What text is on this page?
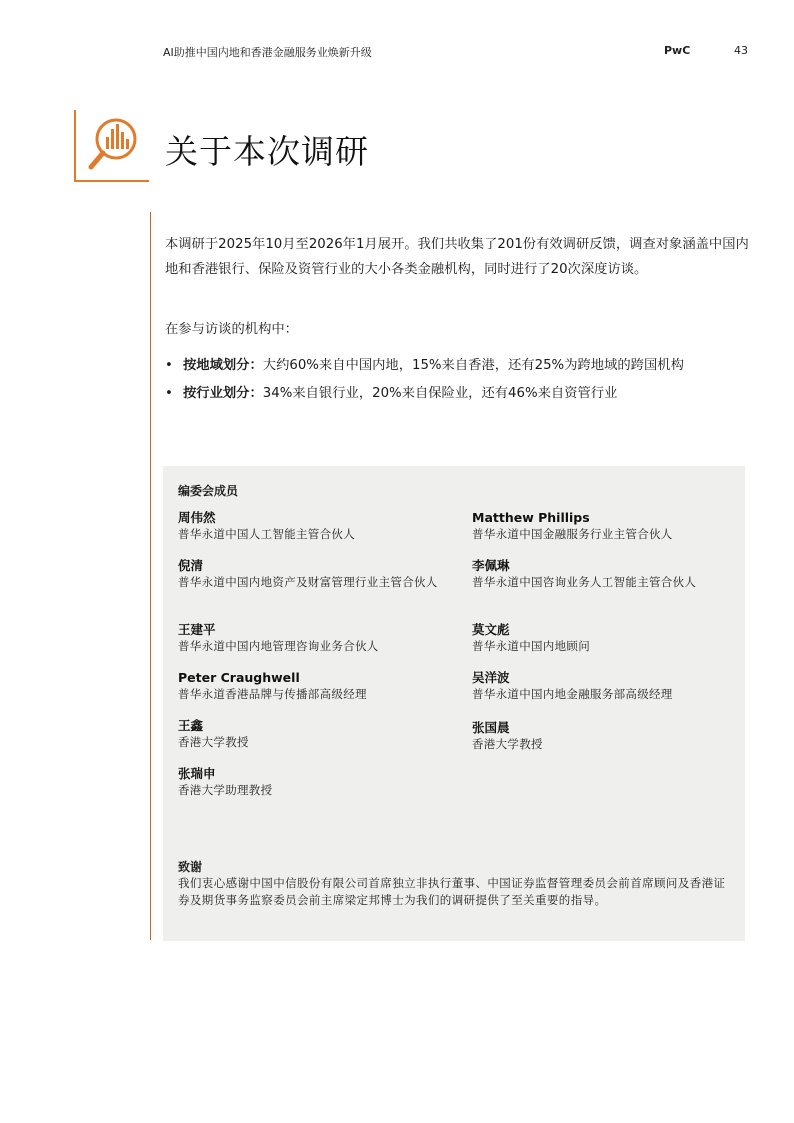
AI助推中国内地和香港金融服务业焕新升级	PwC	43
关于本次调研
本调研于2025年10月至2026年1月展开。我们共收集了201份有效调研反馈，调查对象涵盖中国内地和香港银行、保险及资管行业的大小各类金融机构，同时进行了20次深度访谈。
在参与访谈的机构中：
• 按地域划分：大约60%来自中国内地，15%来自香港，还有25%为跨地域的跨国机构
• 按行业划分：34%来自银行业，20%来自保险业，还有46%来自资管行业
编委会成员
周伟然
普华永道中国人工智能主管合伙人
Matthew Phillips
普华永道中国金融服务行业主管合伙人
倪清
普华永道中国内地资产及财富管理行业主管合伙人
李佩琳
普华永道中国咨询业务人工智能主管合伙人
王建平
普华永道中国内地管理咨询业务合伙人
莫文彪
普华永道中国内地顾问
Peter Craughwell
普华永道香港品牌与传播部高级经理
吴洋波
普华永道中国内地金融服务部高级经理
王鑫
香港大学教授
张国晨
香港大学教授
张瑞申
香港大学助理教授
致谢
我们衷心感谢中国中信股份有限公司首席独立非执行董事、中国证券监督管理委员会前首席顾问及香港证券及期货事务监察委员会前主席梁定邦博士为我们的调研提供了至关重要的指导。
